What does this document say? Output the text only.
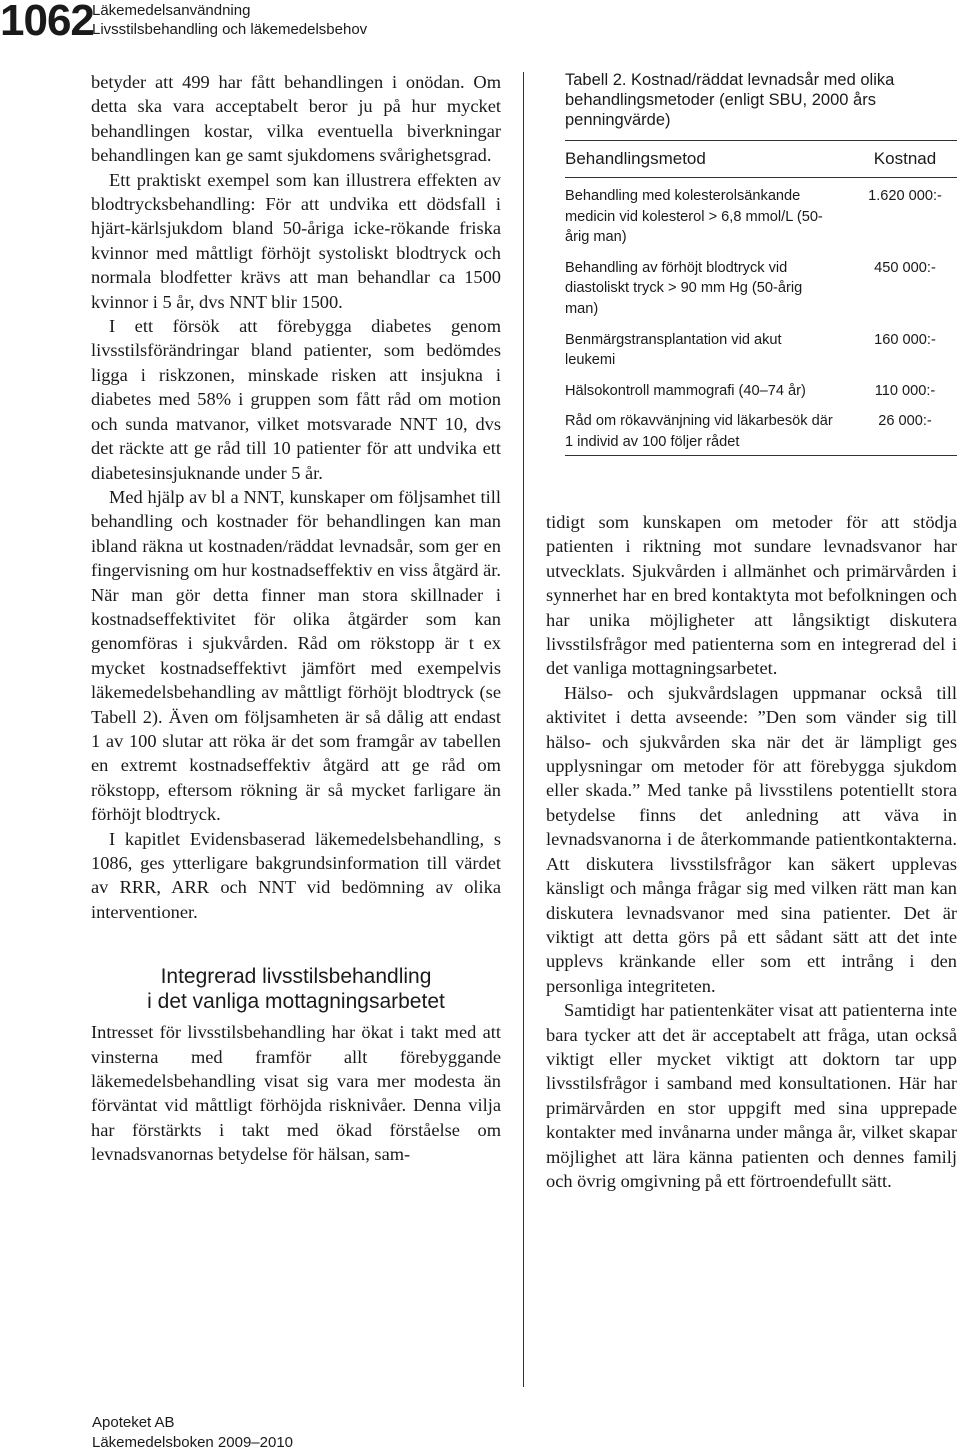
1062
Läkemedelsanvändning
Livsstilsbehandling och läkemedelsbehov

betyder att 499 har fått behandlingen i onödan. Om detta ska vara acceptabelt beror ju på hur mycket behandlingen kostar, vilka eventuella biverkningar behandlingen kan ge samt sjukdomens svårighetsgrad.

Ett praktiskt exempel som kan illustrera effekten av blodtrycksbehandling: För att undvika ett dödsfall i hjärt-kärlsjukdom bland 50-åriga icke-rökande friska kvinnor med måttligt förhöjt systoliskt blodtryck och normala blodfetter krävs att man behandlar ca 1500 kvinnor i 5 år, dvs NNT blir 1500.

I ett försök att förebygga diabetes genom livsstilsförändringar bland patienter, som bedömdes ligga i riskzonen, minskade risken att insjukna i diabetes med 58% i gruppen som fått råd om motion och sunda matvanor, vilket motsvarade NNT 10, dvs det räckte att ge råd till 10 patienter för att undvika ett diabetesinsjuknande under 5 år.

Med hjälp av bl a NNT, kunskaper om följsamhet till behandling och kostnader för behandlingen kan man ibland räkna ut kostnaden/räddat levnadsår, som ger en fingervisning om hur kostnadseffektiv en viss åtgärd är. När man gör detta finner man stora skillnader i kostnadseffektivitet för olika åtgärder som kan genomföras i sjukvården. Råd om rökstopp är t ex mycket kostnadseffektivt jämfört med exempelvis läkemedelsbehandling av måttligt förhöjt blodtryck (se Tabell 2). Även om följsamheten är så dålig att endast 1 av 100 slutar att röka är det som framgår av tabellen en extremt kostnadseffektiv åtgärd att ge råd om rökstopp, eftersom rökning är så mycket farligare än förhöjt blodtryck.

I kapitlet Evidensbaserad läkemedelsbehandling, s 1086, ges ytterligare bakgrundsinformation till värdet av RRR, ARR och NNT vid bedömning av olika interventioner.

Integrerad livsstilsbehandling
i det vanliga mottagningsarbetet

Intresset för livsstilsbehandling har ökat i takt med att vinsterna med framför allt förebyggande läkemedelsbehandling visat sig vara mer modesta än förväntat vid måttligt förhöjda risknivåer. Denna vilja har förstärkts i takt med ökad förståelse om levnadsvanornas betydelse för hälsan, sam-

Tabell 2. Kostnad/räddat levnadsår med olika behandlingsmetoder (enligt SBU, 2000 års penningvärde)
Behandlingsmetod	Kostnad
Behandling med kolesterolsänkande medicin vid kolesterol > 6,8 mmol/L (50-årig man)	1.620 000:-
Behandling av förhöjt blodtryck vid diastoliskt tryck > 90 mm Hg (50-årig man)	450 000:-
Benmärgstransplantation vid akut leukemi	160 000:-
Hälsokontroll mammografi (40–74 år)	110 000:-
Råd om rökavvänjning vid läkarbesök där 1 individ av 100 följer rådet	26 000:-

tidigt som kunskapen om metoder för att stödja patienten i riktning mot sundare levnadsvanor har utvecklats. Sjukvården i allmänhet och primärvården i synnerhet har en bred kontaktyta mot befolkningen och har unika möjligheter att långsiktigt diskutera livsstilsfrågor med patienterna som en integrerad del i det vanliga mottagningsarbetet.

Hälso- och sjukvårdslagen uppmanar också till aktivitet i detta avseende: ”Den som vänder sig till hälso- och sjukvården ska när det är lämpligt ges upplysningar om metoder för att förebygga sjukdom eller skada.” Med tanke på livsstilens potentiellt stora betydelse finns det anledning att väva in levnadsvanorna i de återkommande patientkontakterna. Att diskutera livsstilsfrågor kan säkert upplevas känsligt och många frågar sig med vilken rätt man kan diskutera levnadsvanor med sina patienter. Det är viktigt att detta görs på ett sådant sätt att det inte upplevs kränkande eller som ett intrång i den personliga integriteten.

Samtidigt har patientenkäter visat att patienterna inte bara tycker att det är acceptabelt att fråga, utan också viktigt eller mycket viktigt att doktorn tar upp livsstilsfrågor i samband med konsultationen. Här har primärvården en stor uppgift med sina upprepade kontakter med invånarna under många år, vilket skapar möjlighet att lära känna patienten och dennes familj och övrig omgivning på ett förtroendefullt sätt.

Apoteket AB
Läkemedelsboken 2009–2010
